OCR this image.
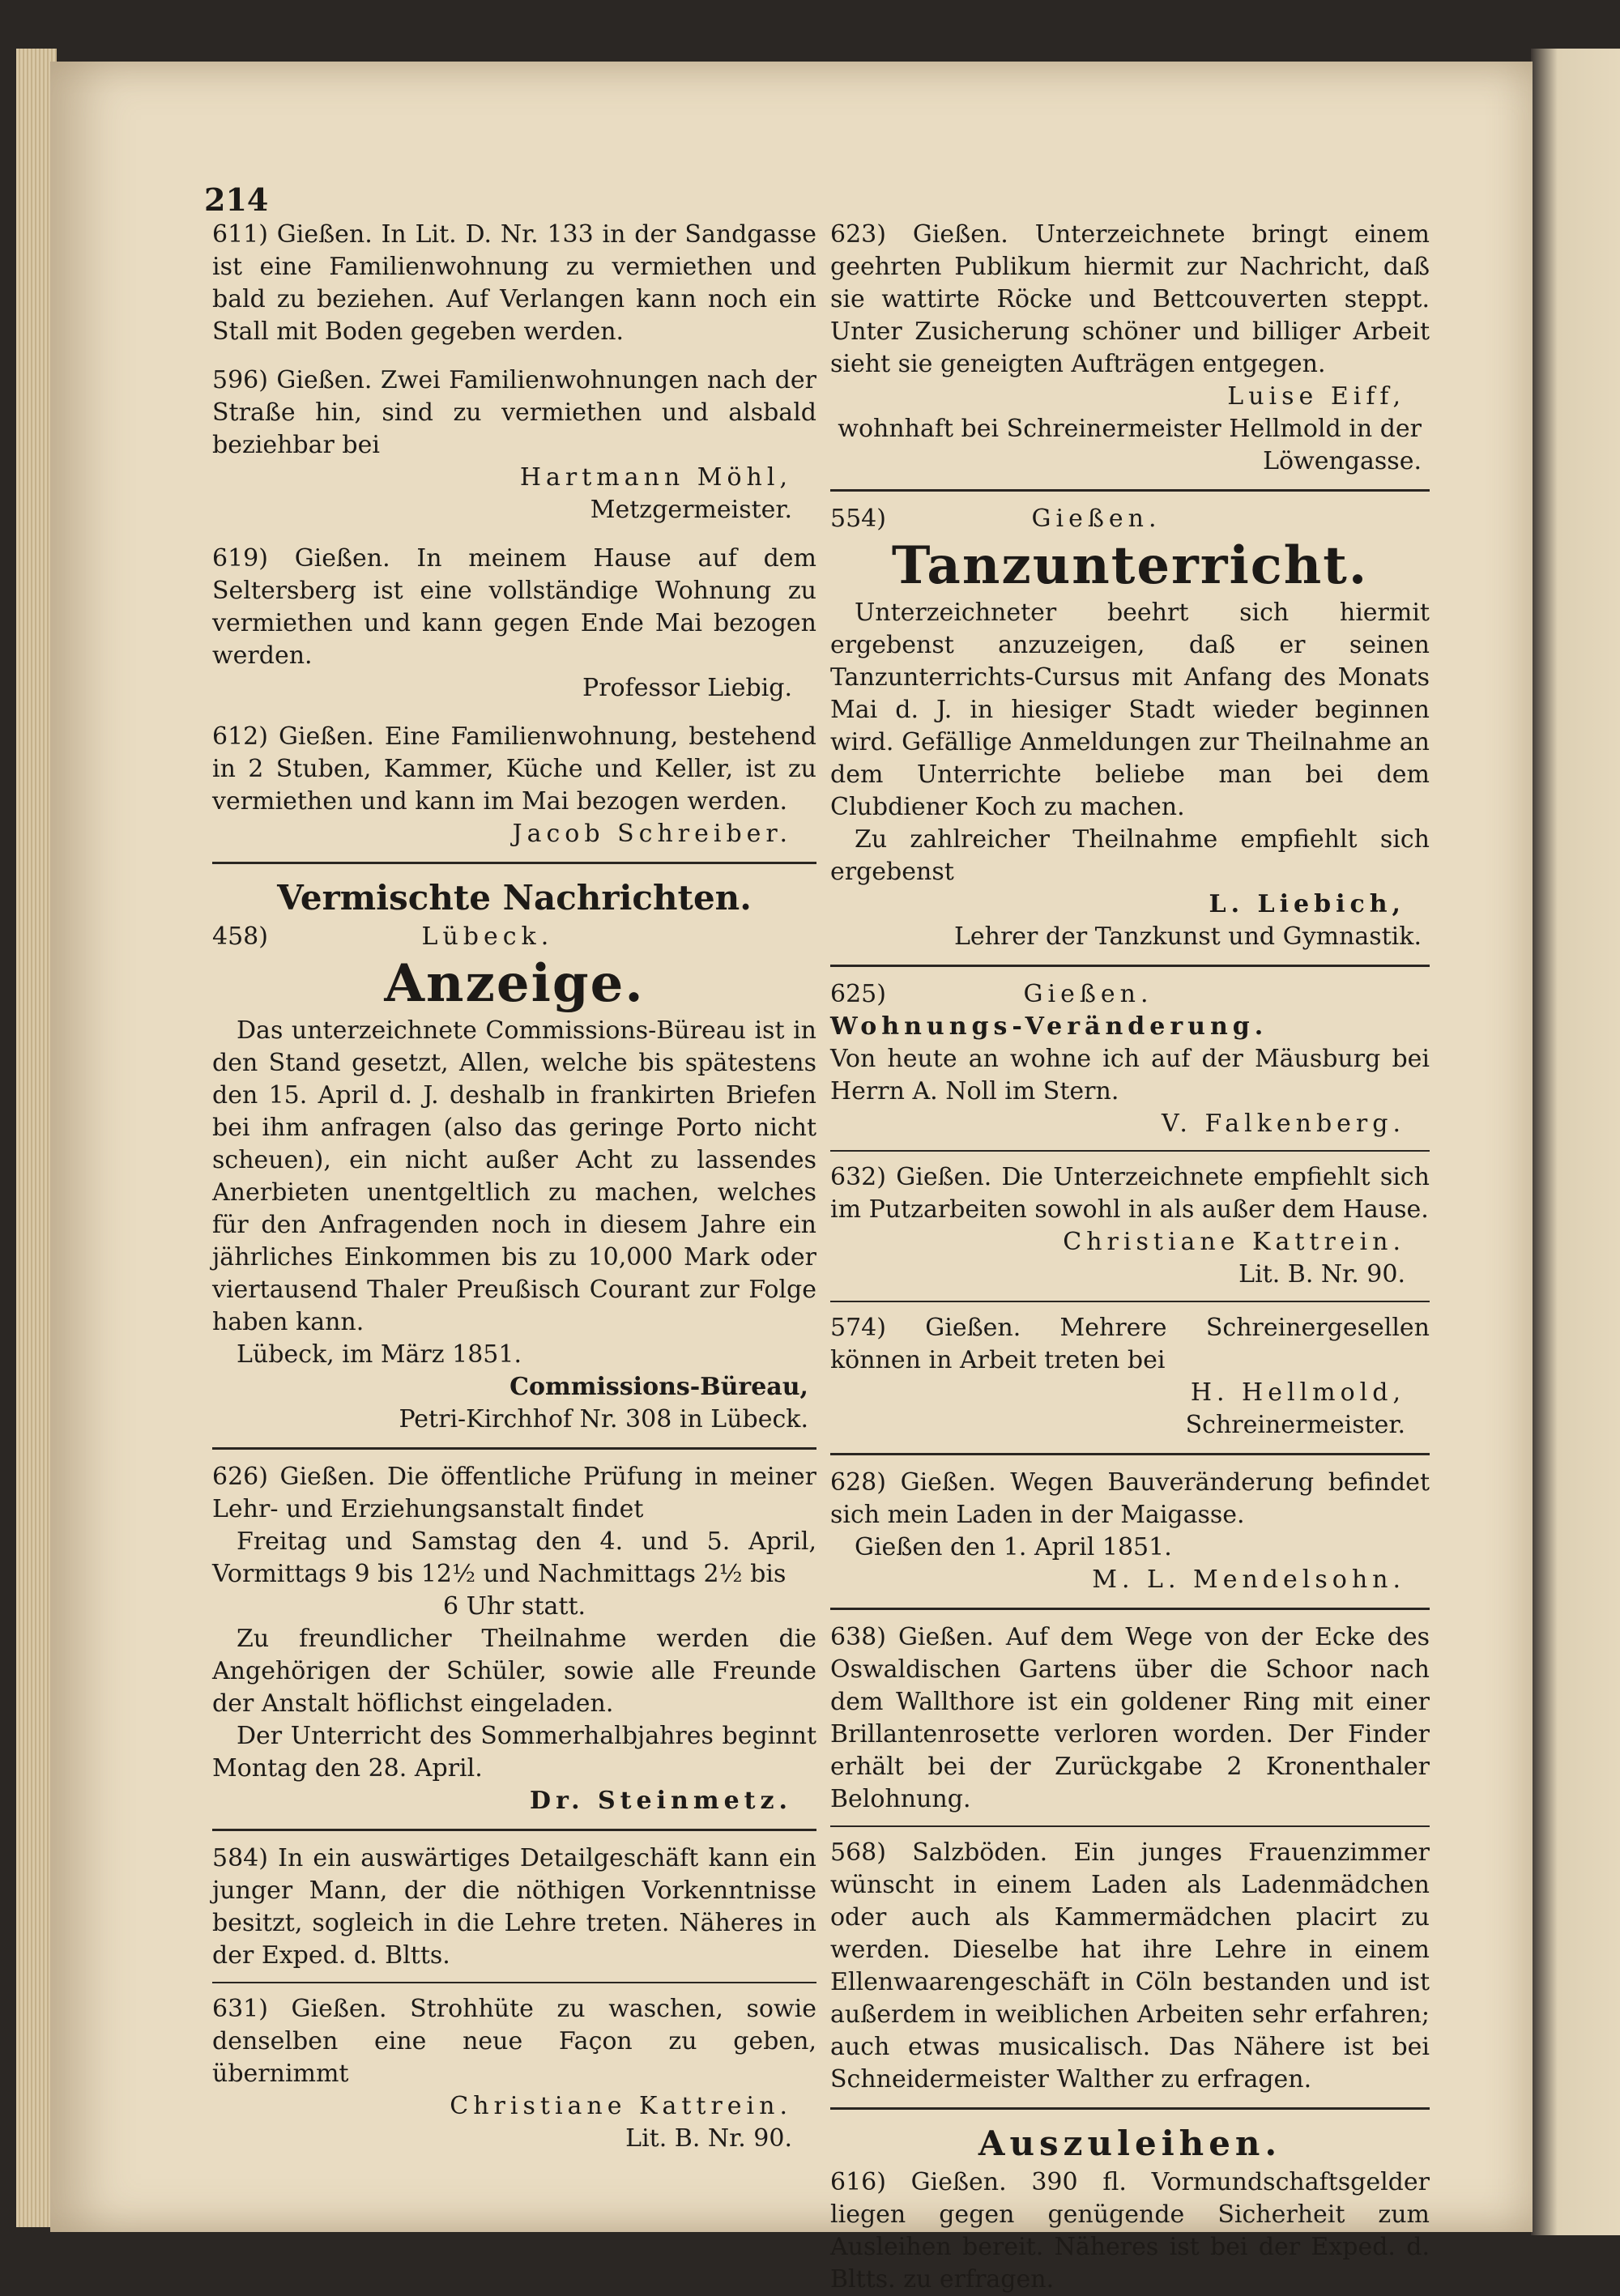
214

611) Gießen. In Lit. D. Nr. 133 in der Sandgasse ist eine Familienwohnung zu vermiethen und bald zu beziehen. Auf Verlangen kann noch ein Stall mit Boden gegeben werden.

596) Gießen. Zwei Familienwohnungen nach der Straße hin, sind zu vermiethen und alsbald beziehbar bei

Hartmann Möhl,

Metzgermeister.

619) Gießen. In meinem Hause auf dem Seltersberg ist eine vollständige Wohnung zu vermiethen und kann gegen Ende Mai bezogen werden.

Professor Liebig.

612) Gießen. Eine Familienwohnung, bestehend in 2 Stuben, Kammer, Küche und Keller, ist zu vermiethen und kann im Mai bezogen werden.

Jacob Schreiber.

Vermischte Nachrichten.

458)	Lübeck.

Anzeige.

Das unterzeichnete Commissions-Büreau ist in den Stand gesetzt, Allen, welche bis spätestens den 15. April d. J. deshalb in frankirten Briefen bei ihm anfragen (also das geringe Porto nicht scheuen), ein nicht außer Acht zu lassendes Anerbieten unentgeltlich zu machen, welches für den Anfragenden noch in diesem Jahre ein jährliches Einkommen bis zu 10,000 Mark oder viertausend Thaler Preußisch Courant zur Folge haben kann.

Lübeck, im März 1851.

Commissions-Büreau,

Petri-Kirchhof Nr. 308 in Lübeck.

626) Gießen. Die öffentliche Prüfung in meiner Lehr- und Erziehungsanstalt findet

Freitag und Samstag den 4. und 5. April, Vormittags 9 bis 12½ und Nachmittags 2½ bis

6 Uhr statt.

Zu freundlicher Theilnahme werden die Angehörigen der Schüler, sowie alle Freunde der Anstalt höflichst eingeladen.

Der Unterricht des Sommerhalbjahres beginnt Montag den 28. April.

Dr. Steinmetz.

584) In ein auswärtiges Detailgeschäft kann ein junger Mann, der die nöthigen Vorkenntnisse besitzt, sogleich in die Lehre treten. Näheres in der Exped. d. Bltts.

631) Gießen. Strohhüte zu waschen, sowie denselben eine neue Façon zu geben, übernimmt

Christiane Kattrein.

Lit. B. Nr. 90.

623) Gießen. Unterzeichnete bringt einem geehrten Publikum hiermit zur Nachricht, daß sie wattirte Röcke und Bettcouverten steppt. Unter Zusicherung schöner und billiger Arbeit sieht sie geneigten Aufträgen entgegen.

Luise Eiff,

wohnhaft bei Schreinermeister Hellmold in der Löwengasse.

554)	Gießen.

Tanzunterricht.

Unterzeichneter beehrt sich hiermit ergebenst anzuzeigen, daß er seinen Tanzunterrichts-Cursus mit Anfang des Monats Mai d. J. in hiesiger Stadt wieder beginnen wird. Gefällige Anmeldungen zur Theilnahme an dem Unterrichte beliebe man bei dem Clubdiener Koch zu machen.

Zu zahlreicher Theilnahme empfiehlt sich ergebenst

L. Liebich,

Lehrer der Tanzkunst und Gymnastik.

625)	Gießen.

Wohnungs-Veränderung.

Von heute an wohne ich auf der Mäusburg bei Herrn A. Noll im Stern.

V. Falkenberg.

632) Gießen. Die Unterzeichnete empfiehlt sich im Putzarbeiten sowohl in als außer dem Hause.

Christiane Kattrein.

Lit. B. Nr. 90.

574) Gießen. Mehrere Schreinergesellen können in Arbeit treten bei

H. Hellmold,

Schreinermeister.

628) Gießen. Wegen Bauveränderung befindet sich mein Laden in der Maigasse.

Gießen den 1. April 1851.

M. L. Mendelsohn.

638) Gießen. Auf dem Wege von der Ecke des Oswaldischen Gartens über die Schoor nach dem Wallthore ist ein goldener Ring mit einer Brillantenrosette verloren worden. Der Finder erhält bei der Zurückgabe 2 Kronenthaler Belohnung.

568) Salzböden. Ein junges Frauenzimmer wünscht in einem Laden als Ladenmädchen oder auch als Kammermädchen placirt zu werden. Dieselbe hat ihre Lehre in einem Ellenwaarengeschäft in Cöln bestanden und ist außerdem in weiblichen Arbeiten sehr erfahren; auch etwas musicalisch. Das Nähere ist bei Schneidermeister Walther zu erfragen.

Auszuleihen.

616) Gießen. 390 fl. Vormundschaftsgelder liegen gegen genügende Sicherheit zum Ausleihen bereit. Näheres ist bei der Exped. d. Bltts. zu erfragen.
